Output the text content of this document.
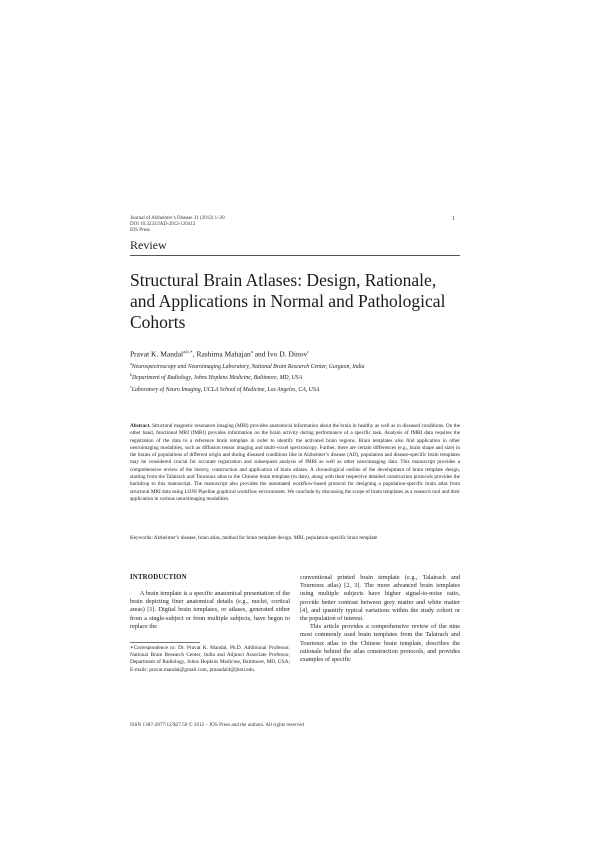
Journal of Alzheimer’s Disease 31 (2012) 1–20
DOI 10.3233/JAD-2012-120412
IOS Press
1
Review
Structural Brain Atlases: Design, Rationale, and Applications in Normal and Pathological Cohorts
Pravat K. Mandal$^{a,b,∗}$, Rashima Mahajan$^a$ and Ivo D. Dinov$^c$
$^a$Neurospectroscopy and Neuroimaging Laboratory, National Brain Research Center, Gurgaon, India
$^b$Department of Radiology, Johns Hopkins Medicine, Baltimore, MD, USA
$^c$Laboratory of Neuro Imaging, UCLA School of Medicine, Los Angeles, CA, USA
Abstract. Structural magnetic resonance imaging (MRI) provides anatomical information about the brain in healthy as well as in diseased conditions. On the other hand, functional MRI (fMRI) provides information on the brain activity during performance of a specific task. Analysis of fMRI data requires the registration of the data to a reference brain template in order to identify the activated brain regions. Brain templates also find application in other neuroimaging modalities, such as diffusion tensor imaging and multi-voxel spectroscopy. Further, there are certain differences (e.g., brain shape and size) in the brains of populations of different origin and during diseased conditions like in Alzheimer’s disease (AD), population and disease-specific brain templates may be considered crucial for accurate registration and subsequent analysis of fMRI as well as other neuroimaging data. This manuscript provides a comprehensive review of the history, construction and application of brain atlases. A chronological outline of the development of brain template design, starting from the Talairach and Tournoux atlas to the Chinese brain template (to date), along with their respective detailed construction protocols provides the backdrop to this manuscript. The manuscript also provides the automated workflow-based protocol for designing a population-specific brain atlas from structural MRI data using LONI Pipeline graphical workflow environment. We conclude by discussing the scope of brain templates as a research tool and their application in various neuroimaging modalities.
Keywords: Alzheimer’s disease, brain atlas, method for brain template design, MRI, population-specific brain template
INTRODUCTION
A brain template is a specific anatomical presentation of the brain depicting finer anatomical details (e.g., nuclei, cortical areas) [1]. Digital brain templates, or atlases, generated either from a single-subject or from multiple subjects, have begun to replace the
conventional printed brain template (e.g., Talairach and Tournoux atlas) [2, 3]. The more advanced brain templates using multiple subjects have higher signal-to-noise ratio, provide better contrast between grey matter and white matter [4], and quantify typical variations within the study cohort or the population of interest.
This article provides a comprehensive review of the nine most commonly used brain templates from the Talairach and Tournoux atlas to the Chinese brain template, describes the rationale behind the atlas construction protocols, and provides examples of specific
∗Correspondence to: Dr. Pravat K. Mandal, Ph.D. Additional Professor, National Brain Research Center, India and Adjunct Associate Professor, Department of Radiology, Johns Hopkins Medicine, Baltimore, MD, USA; E-mails: pravat.mandal@gmail.com, pmandal4@jhmi.edu.
ISSN 1387-2877/12/$27.50 © 2012 – IOS Press and the authors. All rights reserved
